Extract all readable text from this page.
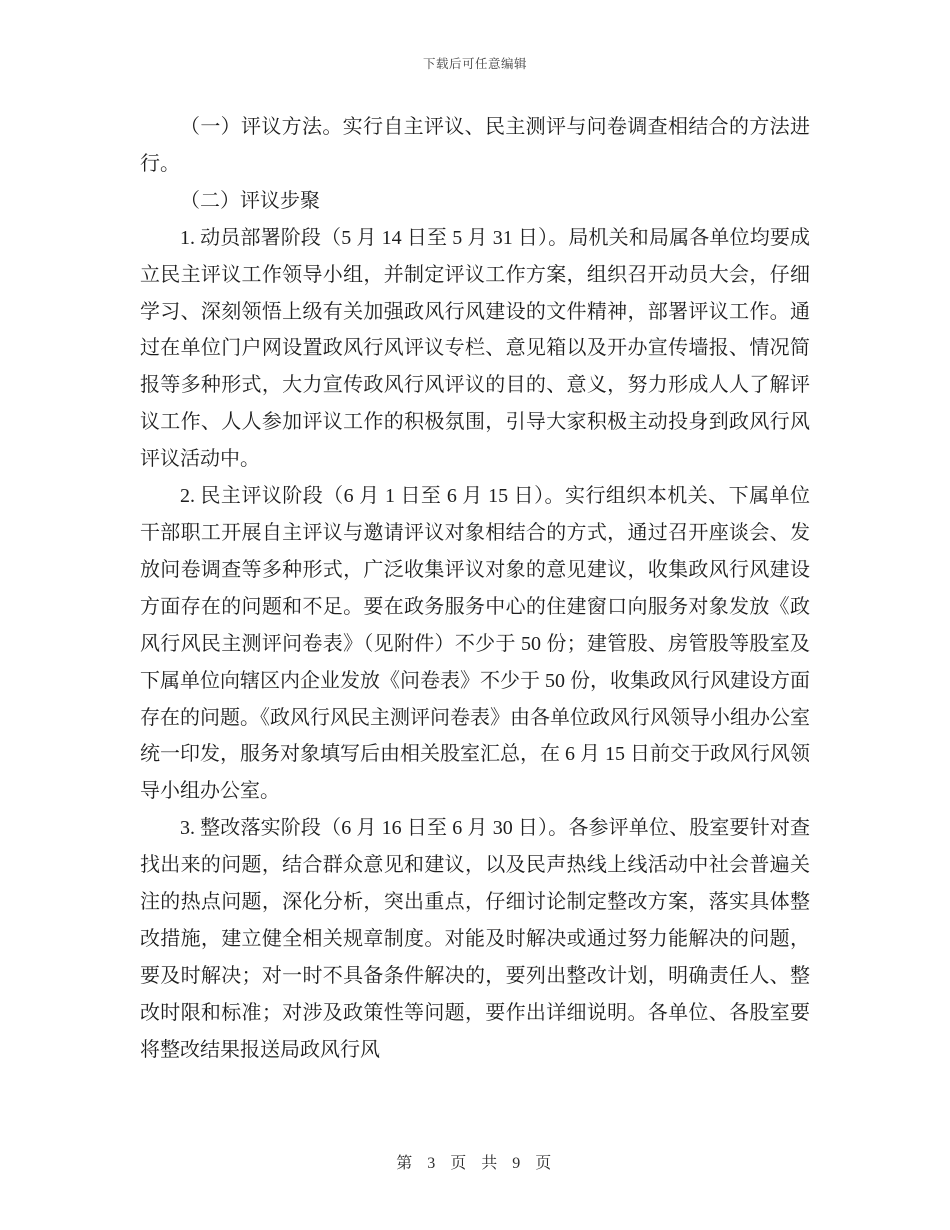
下载后可任意编辑

（一）评议方法。实行自主评议、民主测评与问卷调查相结合的方法进行。

（二）评议步聚

1. 动员部署阶段（5 月 14 日至 5 月 31 日）。局机关和局属各单位均要成立民主评议工作领导小组，并制定评议工作方案，组织召开动员大会，仔细学习、深刻领悟上级有关加强政风行风建设的文件精神，部署评议工作。通过在单位门户网设置政风行风评议专栏、意见箱以及开办宣传墙报、情况简报等多种形式，大力宣传政风行风评议的目的、意义，努力形成人人了解评议工作、人人参加评议工作的积极氛围，引导大家积极主动投身到政风行风评议活动中。

2. 民主评议阶段（6 月 1 日至 6 月 15 日）。实行组织本机关、下属单位干部职工开展自主评议与邀请评议对象相结合的方式，通过召开座谈会、发放问卷调查等多种形式，广泛收集评议对象的意见建议，收集政风行风建设方面存在的问题和不足。要在政务服务中心的住建窗口向服务对象发放《政风行风民主测评问卷表》（见附件）不少于 50 份；建管股、房管股等股室及下属单位向辖区内企业发放《问卷表》不少于 50 份，收集政风行风建设方面存在的问题。《政风行风民主测评问卷表》由各单位政风行风领导小组办公室统一印发，服务对象填写后由相关股室汇总，在 6 月 15 日前交于政风行风领导小组办公室。

3. 整改落实阶段（6 月 16 日至 6 月 30 日）。各参评单位、股室要针对查找出来的问题，结合群众意见和建议，以及民声热线上线活动中社会普遍关注的热点问题，深化分析，突出重点，仔细讨论制定整改方案，落实具体整改措施，建立健全相关规章制度。对能及时解决或通过努力能解决的问题，要及时解决；对一时不具备条件解决的，要列出整改计划，明确责任人、整改时限和标准；对涉及政策性等问题，要作出详细说明。各单位、各股室要将整改结果报送局政风行风

第 3 页 共 9 页
